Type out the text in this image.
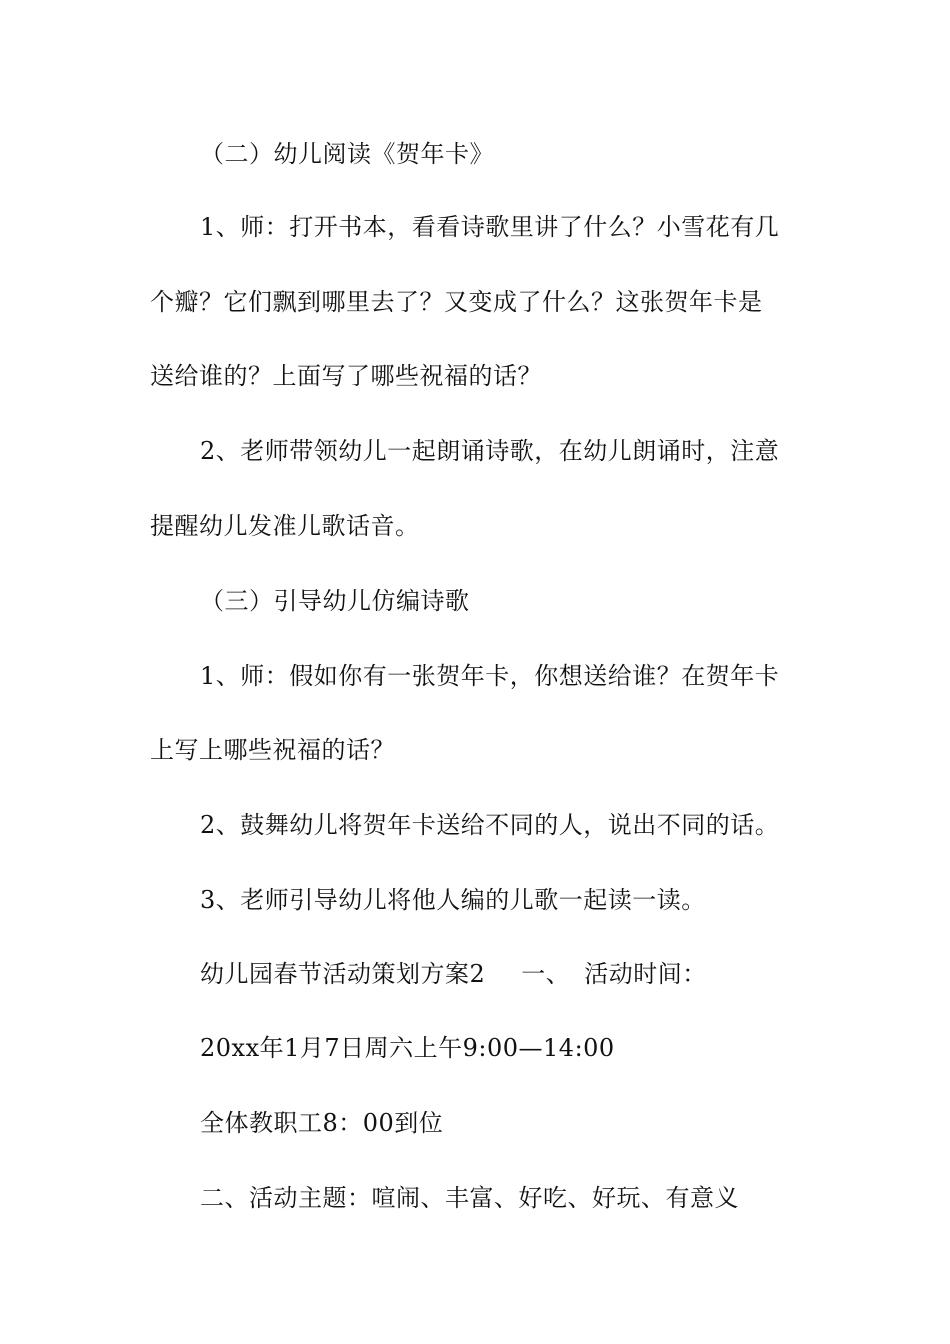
（二）幼儿阅读《贺年卡》
1、师：打开书本，看看诗歌里讲了什么？小雪花有几
个瓣？它们飘到哪里去了？又变成了什么？这张贺年卡是
送给谁的？上面写了哪些祝福的话？
2、老师带领幼儿一起朗诵诗歌，在幼儿朗诵时，注意
提醒幼儿发准儿歌话音。
（三）引导幼儿仿编诗歌
1、师：假如你有一张贺年卡，你想送给谁？在贺年卡
上写上哪些祝福的话？
2、鼓舞幼儿将贺年卡送给不同的人，说出不同的话。
3、老师引导幼儿将他人编的儿歌一起读一读。
幼儿园春节活动策划方案2 一、 活动时间：
20xx年1月7日周六上午9:00—14:00
全体教职工8：00到位
二、活动主题：喧闹、丰富、好吃、好玩、有意义
